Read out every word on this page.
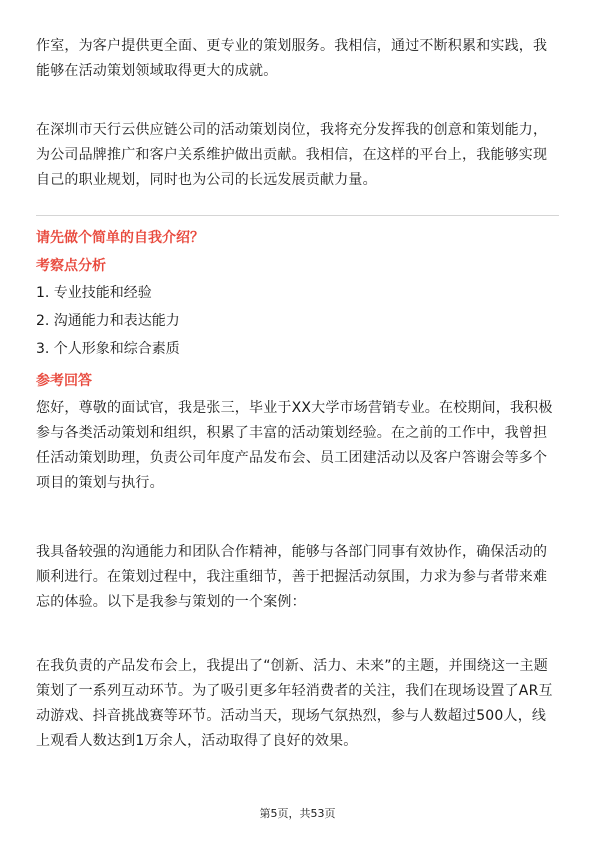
作室，为客户提供更全面、更专业的策划服务。我相信，通过不断积累和实践，我
能够在活动策划领域取得更大的成就。

在深圳市天行云供应链公司的活动策划岗位，我将充分发挥我的创意和策划能力，
为公司品牌推广和客户关系维护做出贡献。我相信，在这样的平台上，我能够实现
自己的职业规划，同时也为公司的长远发展贡献力量。

请先做个简单的自我介绍？

考察点分析

1. 专业技能和经验

2. 沟通能力和表达能力

3. 个人形象和综合素质

参考回答

您好，尊敬的面试官，我是张三，毕业于XX大学市场营销专业。在校期间，我积极
参与各类活动策划和组织，积累了丰富的活动策划经验。在之前的工作中，我曾担
任活动策划助理，负责公司年度产品发布会、员工团建活动以及客户答谢会等多个
项目的策划与执行。

我具备较强的沟通能力和团队合作精神，能够与各部门同事有效协作，确保活动的
顺利进行。在策划过程中，我注重细节，善于把握活动氛围，力求为参与者带来难
忘的体验。以下是我参与策划的一个案例：

在我负责的产品发布会上，我提出了“创新、活力、未来”的主题，并围绕这一主题
策划了一系列互动环节。为了吸引更多年轻消费者的关注，我们在现场设置了AR互
动游戏、抖音挑战赛等环节。活动当天，现场气氛热烈，参与人数超过500人，线
上观看人数达到1万余人，活动取得了良好的效果。

第5页，共53页
